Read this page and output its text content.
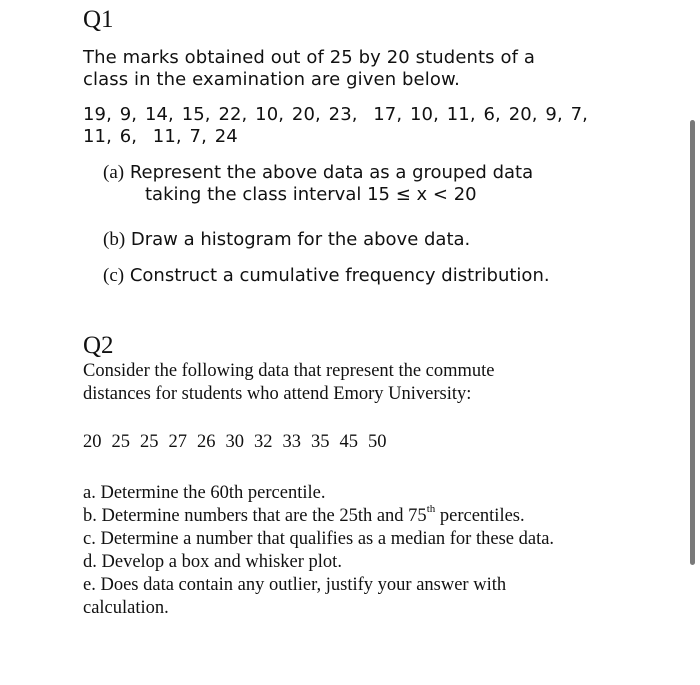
Q1

The marks obtained out of 25 by 20 students of a
class in the examination are given below.

19, 9, 14, 15, 22, 10, 20, 23,  17, 10, 11, 6, 20, 9, 7,
11, 6,  11, 7, 24

(a) Represent the above data as a grouped data
taking the class interval 15 ≤ x < 20
(b) Draw a histogram for the above data.
(c) Construct a cumulative frequency distribution.
Q2

Consider the following data that represent the commute
distances for students who attend Emory University:

20 25 25 27 26 30 32 33 35 45 50

a. Determine the 60th percentile.
b. Determine numbers that are the 25th and 75th percentiles.
c. Determine a number that qualifies as a median for these data.
d. Develop a box and whisker plot.
e. Does data contain any outlier, justify your answer with
calculation.
